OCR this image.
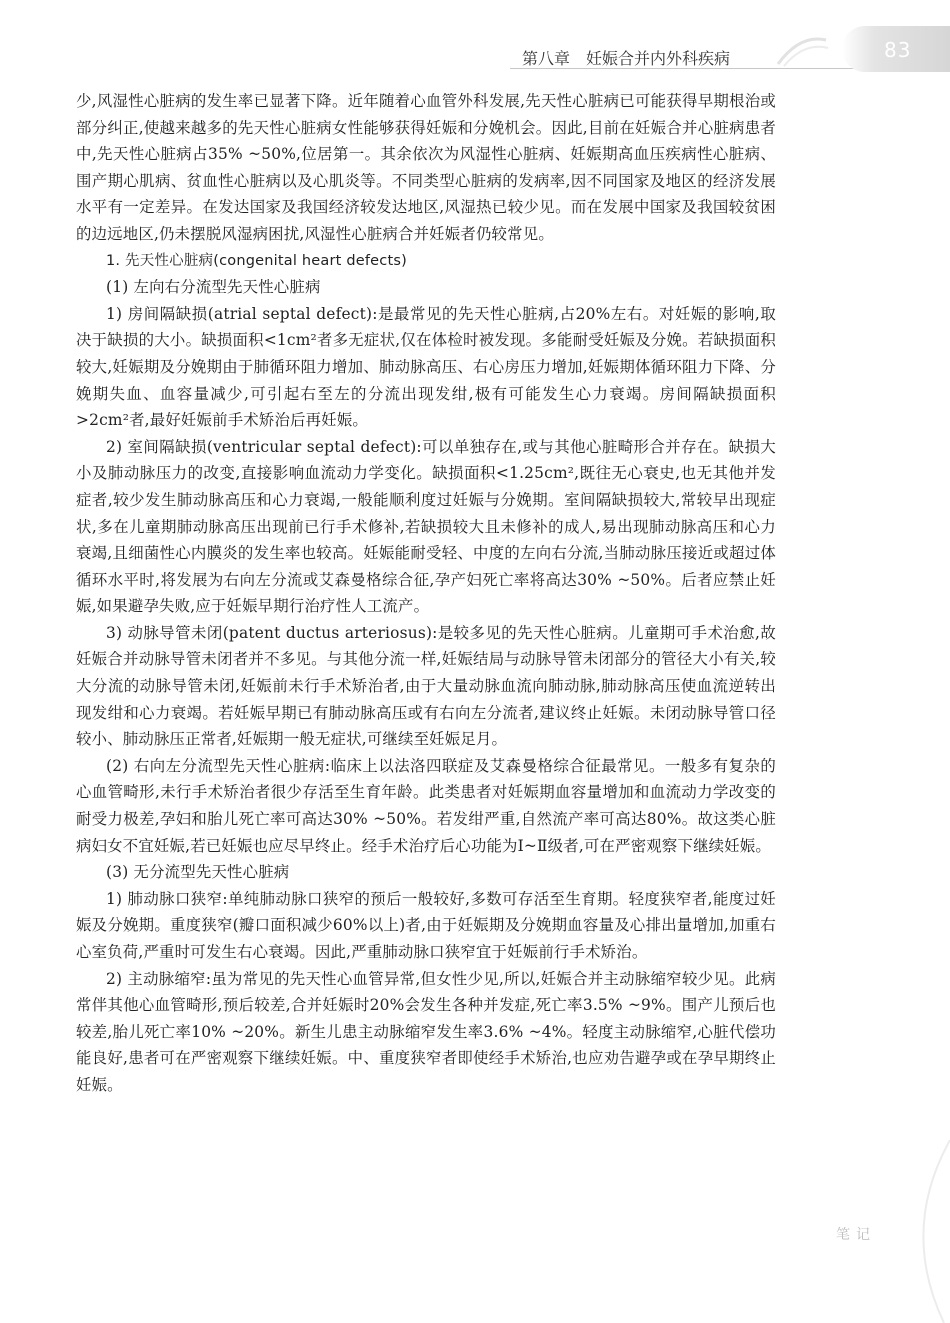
第八章 妊娠合并内外科疾病	83

少,风湿性心脏病的发生率已显著下降。近年随着心血管外科发展,先天性心脏病已可能获得早期根治或部分纠正,使越来越多的先天性心脏病女性能够获得妊娠和分娩机会。因此,目前在妊娠合并心脏病患者中,先天性心脏病占35% ~50%,位居第一。其余依次为风湿性心脏病、妊娠期高血压疾病性心脏病、围产期心肌病、贫血性心脏病以及心肌炎等。不同类型心脏病的发病率,因不同国家及地区的经济发展水平有一定差异。在发达国家及我国经济较发达地区,风湿热已较少见。而在发展中国家及我国较贫困的边远地区,仍未摆脱风湿病困扰,风湿性心脏病合并妊娠者仍较常见。

1. 先天性心脏病(congenital heart defects)

(1) 左向右分流型先天性心脏病

1) 房间隔缺损(atrial septal defect):是最常见的先天性心脏病,占20%左右。对妊娠的影响,取决于缺损的大小。缺损面积<1cm²者多无症状,仅在体检时被发现。多能耐受妊娠及分娩。若缺损面积较大,妊娠期及分娩期由于肺循环阻力增加、肺动脉高压、右心房压力增加,妊娠期体循环阻力下降、分娩期失血、血容量减少,可引起右至左的分流出现发绀,极有可能发生心力衰竭。房间隔缺损面积>2cm²者,最好妊娠前手术矫治后再妊娠。

2) 室间隔缺损(ventricular septal defect):可以单独存在,或与其他心脏畸形合并存在。缺损大小及肺动脉压力的改变,直接影响血流动力学变化。缺损面积<1.25cm²,既往无心衰史,也无其他并发症者,较少发生肺动脉高压和心力衰竭,一般能顺利度过妊娠与分娩期。室间隔缺损较大,常较早出现症状,多在儿童期肺动脉高压出现前已行手术修补,若缺损较大且未修补的成人,易出现肺动脉高压和心力衰竭,且细菌性心内膜炎的发生率也较高。妊娠能耐受轻、中度的左向右分流,当肺动脉压接近或超过体循环水平时,将发展为右向左分流或艾森曼格综合征,孕产妇死亡率将高达30% ~50%。后者应禁止妊娠,如果避孕失败,应于妊娠早期行治疗性人工流产。

3) 动脉导管未闭(patent ductus arteriosus):是较多见的先天性心脏病。儿童期可手术治愈,故妊娠合并动脉导管未闭者并不多见。与其他分流一样,妊娠结局与动脉导管未闭部分的管径大小有关,较大分流的动脉导管未闭,妊娠前未行手术矫治者,由于大量动脉血流向肺动脉,肺动脉高压使血流逆转出现发绀和心力衰竭。若妊娠早期已有肺动脉高压或有右向左分流者,建议终止妊娠。未闭动脉导管口径较小、肺动脉压正常者,妊娠期一般无症状,可继续至妊娠足月。

(2) 右向左分流型先天性心脏病:临床上以法洛四联症及艾森曼格综合征最常见。一般多有复杂的心血管畸形,未行手术矫治者很少存活至生育年龄。此类患者对妊娠期血容量增加和血流动力学改变的耐受力极差,孕妇和胎儿死亡率可高达30% ~50%。若发绀严重,自然流产率可高达80%。故这类心脏病妇女不宜妊娠,若已妊娠也应尽早终止。经手术治疗后心功能为Ⅰ~Ⅱ级者,可在严密观察下继续妊娠。

(3) 无分流型先天性心脏病

1) 肺动脉口狭窄:单纯肺动脉口狭窄的预后一般较好,多数可存活至生育期。轻度狭窄者,能度过妊娠及分娩期。重度狭窄(瓣口面积减少60%以上)者,由于妊娠期及分娩期血容量及心排出量增加,加重右心室负荷,严重时可发生右心衰竭。因此,严重肺动脉口狭窄宜于妊娠前行手术矫治。

2) 主动脉缩窄:虽为常见的先天性心血管异常,但女性少见,所以,妊娠合并主动脉缩窄较少见。此病常伴其他心血管畸形,预后较差,合并妊娠时20%会发生各种并发症,死亡率3.5% ~9%。围产儿预后也较差,胎儿死亡率10% ~20%。新生儿患主动脉缩窄发生率3.6% ~4%。轻度主动脉缩窄,心脏代偿功能良好,患者可在严密观察下继续妊娠。中、重度狭窄者即使经手术矫治,也应劝告避孕或在孕早期终止妊娠。

笔记
